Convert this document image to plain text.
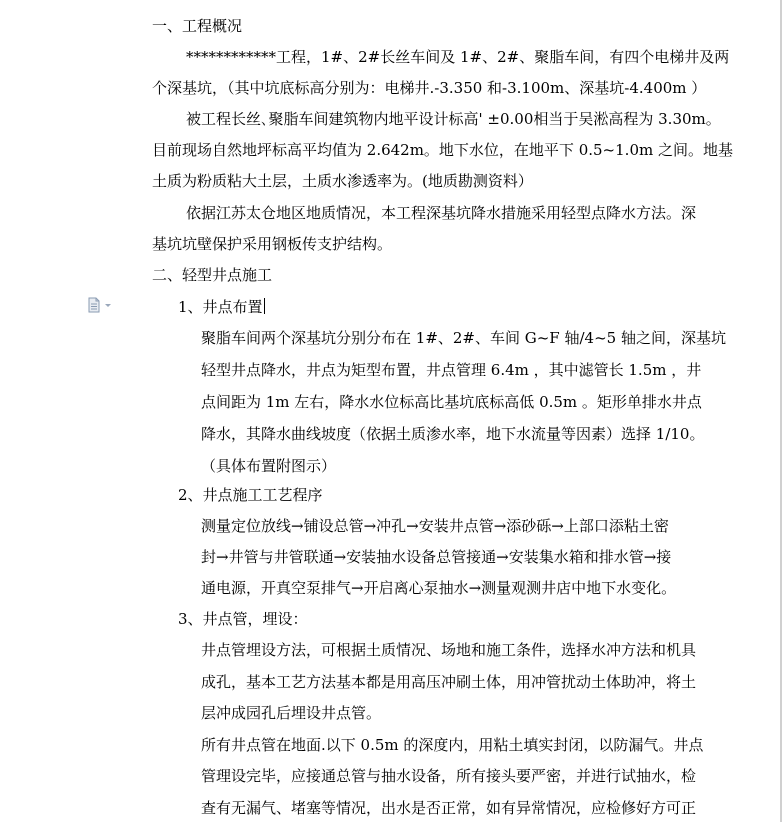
一、工程概况
************工程，1#、2#长丝车间及 1#、2#、聚脂车间，有四个电梯井及两
个深基坑，（其中坑底标高分别为：电梯井.-3.350 和-3.100m、深基坑-4.400m ）
被工程长丝､聚脂车间建筑物内地平设计标高' ±0.00相当于吴淞高程为 3.30m。
目前现场自然地坪标高平均值为 2.642m。地下水位，在地平下 0.5~1.0m 之间。地基
土质为粉质粘大土层，土质水渗透率为。(地质勘测资料）
依据江苏太仓地区地质情况，本工程深基坑降水措施采用轻型点降水方法。深
基坑坑壁保护采用钢板传支护结构。
二、轻型井点施工
1、井点布置
聚脂车间两个深基坑分别分布在 1#、2#、车间 G~F 轴/4~5 轴之间，深基坑
轻型井点降水，井点为矩型布置，井点管理 6.4m ，其中滤管长 1.5m ，井
点间距为 1m 左右，降水水位标高比基坑底标高低 0.5m 。矩形单排水井点
降水，其降水曲线坡度（依据土质渗水率，地下水流量等因素）选择 1/10。
（具体布置附图示）
2、井点施工工艺程序
测量定位放线→铺设总管→冲孔→安装井点管→添砂砾→上部口添粘土密
封→井管与井管联通→安装抽水设备总管接通→安装集水箱和排水管→接
通电源，开真空泵排气→开启离心泵抽水→测量观测井店中地下水变化。
3、井点管，埋设：
井点管埋设方法，可根据土质情况、场地和施工条件，选择水冲方法和机具
成孔，基本工艺方法基本都是用高压冲刷土体，用冲管扰动土体助冲，将土
层冲成园孔后埋设井点管。
所有井点管在地面.以下 0.5m 的深度内，用粘土填实封闭，以防漏气。井点
管理设完毕，应接通总管与抽水设备，所有接头要严密，并进行试抽水，检
查有无漏气、堵塞等情况，出水是否正常，如有异常情况，应检修好方可正
